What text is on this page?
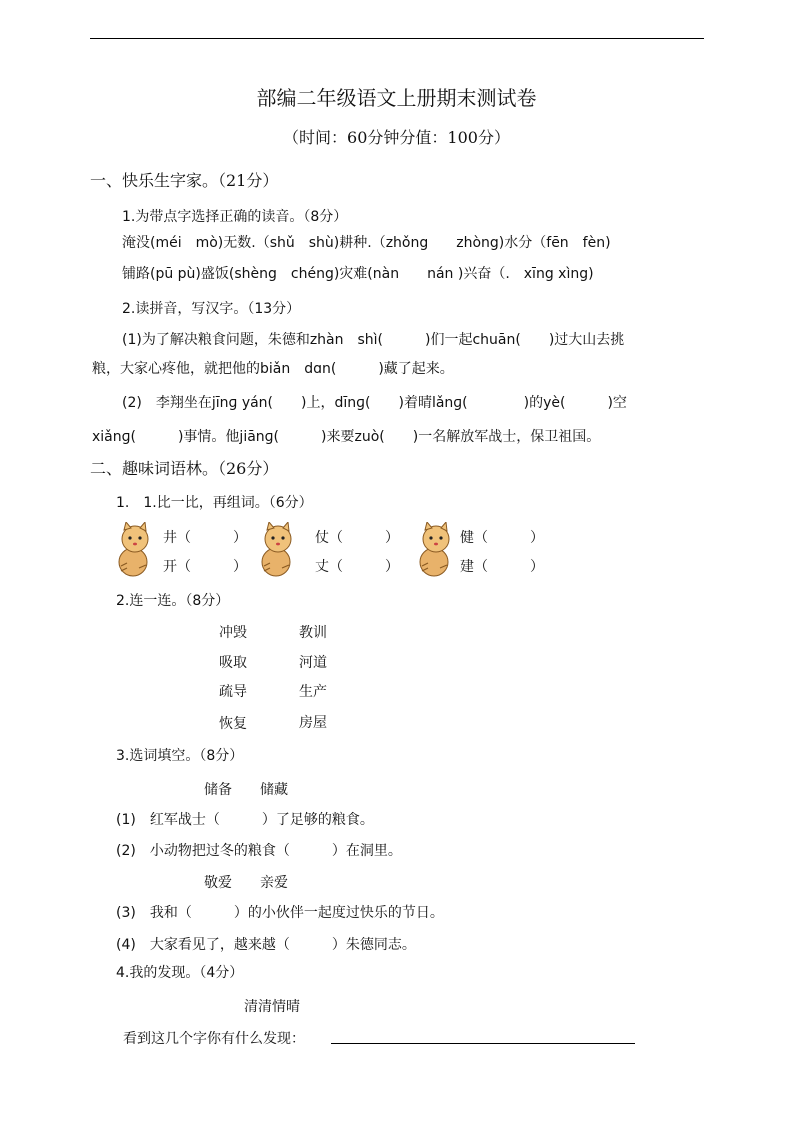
部编二年级语文上册期末测试卷
（时间：60分钟分值：100分）
一、快乐生字家。（21分）
1.为带点字选择正确的读音。（8分）
淹没(méi　mò)无数.（shǔ　shù)耕种.（zhǒng　　zhòng)水分（fēn　fèn)
铺路(pū pù)盛饭(shèng　chéng)灾难(nàn　　nán )兴奋（.　xīng xìng)
2.读拼音，写汉字。（13分）
(1)为了解决粮食问题，朱德和zhàn　shì(　　　)们一起chuān(　　)过大山去挑
粮，大家心疼他，就把他的biǎn　dɑn(　　　)藏了起来。
(2)　李翔坐在jīnɡ yán(　　)上，dīnɡ(　　)着晴lǎnɡ(　　　　)的yè(　　　)空
xiǎnɡ(　　　)事情。他jiānɡ(　　　)来要zuò(　　)一名解放军战士，保卫祖国。
二、趣味词语林。（26分）
1.　1.比一比，再组词。（6分）
井（　　　）
开（　　　）
仗（　　　）
丈（　　　）
健（　　　）
建（　　　）
2.连一连。（8分）
冲毁
吸取
疏导
恢复
教训
河道
生产
房屋
3.选词填空。（8分）
储备　　储藏
(1)　红军战士（　　　）了足够的粮食。
(2)　小动物把过冬的粮食（　　　）在洞里。
敬爱　　亲爱
(3)　我和（　　　）的小伙伴一起度过快乐的节日。
(4)　大家看见了，越来越（　　　）朱德同志。
4.我的发现。（4分）
清清情晴
看到这几个字你有什么发现：
